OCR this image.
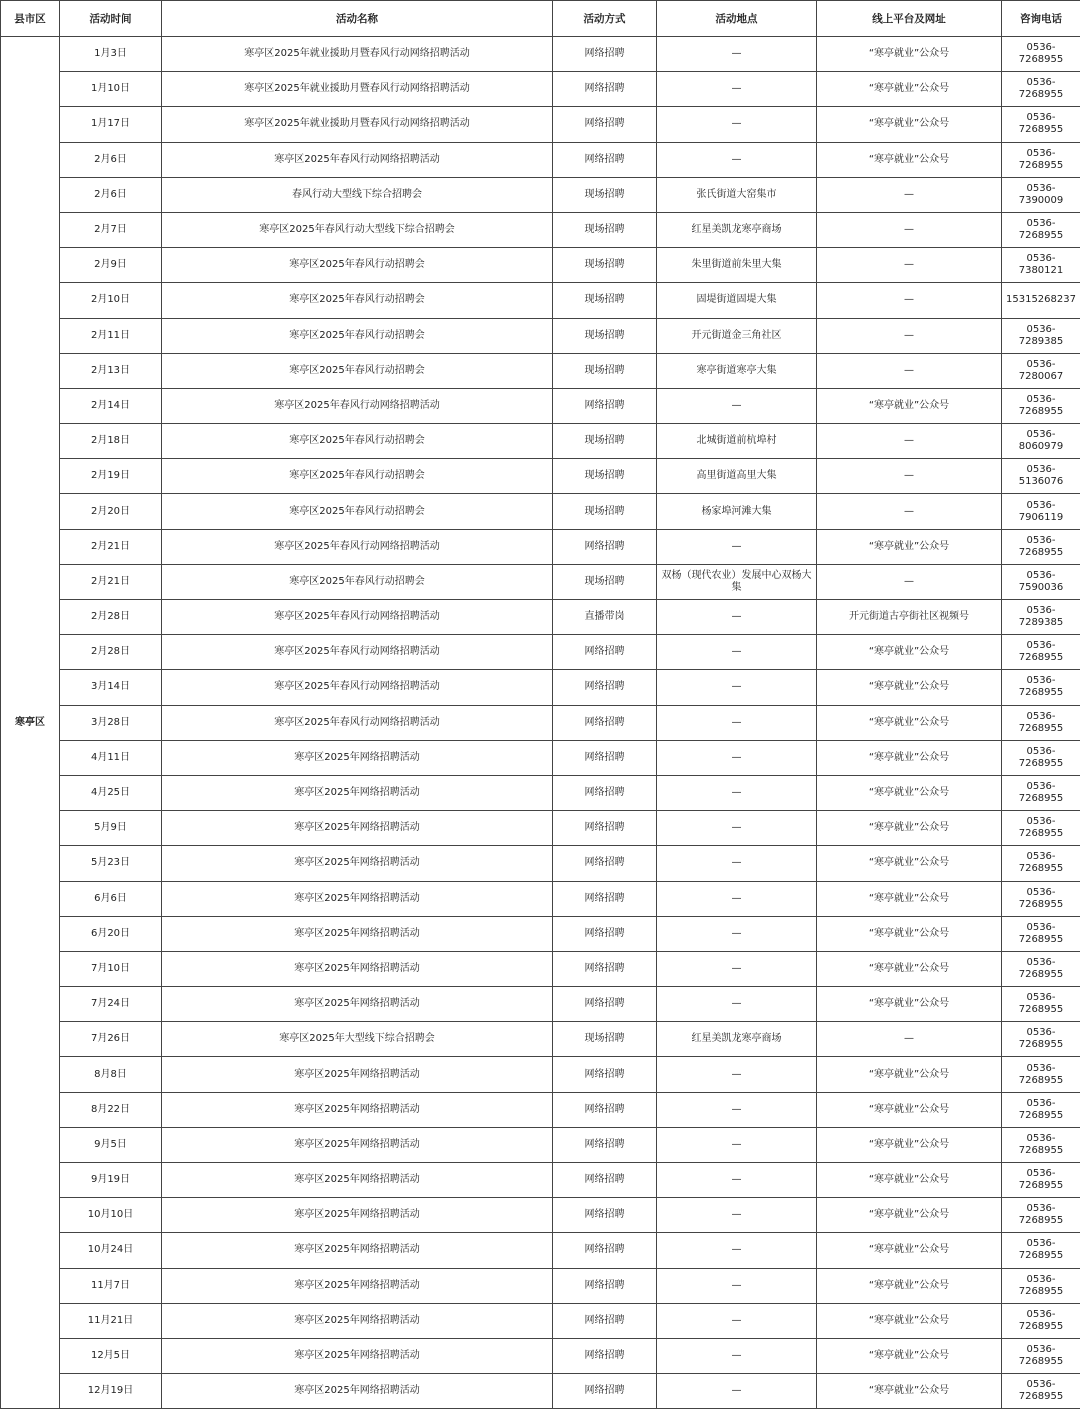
县市区	活动时间	活动名称	活动方式	活动地点	线上平台及网址	咨询电话
寒亭区	1月3日	寒亭区2025年就业援助月暨春风行动网络招聘活动	网络招聘	—	“寒亭就业”公众号	0536-7268955
	1月10日	寒亭区2025年就业援助月暨春风行动网络招聘活动	网络招聘	—	“寒亭就业”公众号	0536-7268955
	1月17日	寒亭区2025年就业援助月暨春风行动网络招聘活动	网络招聘	—	“寒亭就业”公众号	0536-7268955
	2月6日	寒亭区2025年春风行动网络招聘活动	网络招聘	—	“寒亭就业”公众号	0536-7268955
	2月6日	春风行动大型线下综合招聘会	现场招聘	张氏街道大窑集市	—	0536-7390009
	2月7日	寒亭区2025年春风行动大型线下综合招聘会	现场招聘	红星美凯龙寒亭商场	—	0536-7268955
	2月9日	寒亭区2025年春风行动招聘会	现场招聘	朱里街道前朱里大集	—	0536-7380121
	2月10日	寒亭区2025年春风行动招聘会	现场招聘	固堤街道固堤大集	—	15315268237
	2月11日	寒亭区2025年春风行动招聘会	现场招聘	开元街道金三角社区	—	0536-7289385
	2月13日	寒亭区2025年春风行动招聘会	现场招聘	寒亭街道寒亭大集	—	0536-7280067
	2月14日	寒亭区2025年春风行动网络招聘活动	网络招聘	—	“寒亭就业”公众号	0536-7268955
	2月18日	寒亭区2025年春风行动招聘会	现场招聘	北城街道前杭埠村	—	0536-8060979
	2月19日	寒亭区2025年春风行动招聘会	现场招聘	高里街道高里大集	—	0536-5136076
	2月20日	寒亭区2025年春风行动招聘会	现场招聘	杨家埠河滩大集	—	0536-7906119
	2月21日	寒亭区2025年春风行动网络招聘活动	网络招聘	—	“寒亭就业”公众号	0536-7268955
	2月21日	寒亭区2025年春风行动招聘会	现场招聘	双杨（现代农业）发展中心双杨大集	—	0536-7590036
	2月28日	寒亭区2025年春风行动网络招聘活动	直播带岗	—	开元街道古亭街社区视频号	0536-7289385
	2月28日	寒亭区2025年春风行动网络招聘活动	网络招聘	—	“寒亭就业”公众号	0536-7268955
	3月14日	寒亭区2025年春风行动网络招聘活动	网络招聘	—	“寒亭就业”公众号	0536-7268955
	3月28日	寒亭区2025年春风行动网络招聘活动	网络招聘	—	“寒亭就业”公众号	0536-7268955
	4月11日	寒亭区2025年网络招聘活动	网络招聘	—	“寒亭就业”公众号	0536-7268955
	4月25日	寒亭区2025年网络招聘活动	网络招聘	—	“寒亭就业”公众号	0536-7268955
	5月9日	寒亭区2025年网络招聘活动	网络招聘	—	“寒亭就业”公众号	0536-7268955
	5月23日	寒亭区2025年网络招聘活动	网络招聘	—	“寒亭就业”公众号	0536-7268955
	6月6日	寒亭区2025年网络招聘活动	网络招聘	—	“寒亭就业”公众号	0536-7268955
	6月20日	寒亭区2025年网络招聘活动	网络招聘	—	“寒亭就业”公众号	0536-7268955
	7月10日	寒亭区2025年网络招聘活动	网络招聘	—	“寒亭就业”公众号	0536-7268955
	7月24日	寒亭区2025年网络招聘活动	网络招聘	—	“寒亭就业”公众号	0536-7268955
	7月26日	寒亭区2025年大型线下综合招聘会	现场招聘	红星美凯龙寒亭商场	—	0536-7268955
	8月8日	寒亭区2025年网络招聘活动	网络招聘	—	“寒亭就业”公众号	0536-7268955
	8月22日	寒亭区2025年网络招聘活动	网络招聘	—	“寒亭就业”公众号	0536-7268955
	9月5日	寒亭区2025年网络招聘活动	网络招聘	—	“寒亭就业”公众号	0536-7268955
	9月19日	寒亭区2025年网络招聘活动	网络招聘	—	“寒亭就业”公众号	0536-7268955
	10月10日	寒亭区2025年网络招聘活动	网络招聘	—	“寒亭就业”公众号	0536-7268955
	10月24日	寒亭区2025年网络招聘活动	网络招聘	—	“寒亭就业”公众号	0536-7268955
	11月7日	寒亭区2025年网络招聘活动	网络招聘	—	“寒亭就业”公众号	0536-7268955
	11月21日	寒亭区2025年网络招聘活动	网络招聘	—	“寒亭就业”公众号	0536-7268955
	12月5日	寒亭区2025年网络招聘活动	网络招聘	—	“寒亭就业”公众号	0536-7268955
	12月19日	寒亭区2025年网络招聘活动	网络招聘	—	“寒亭就业”公众号	0536-7268955
